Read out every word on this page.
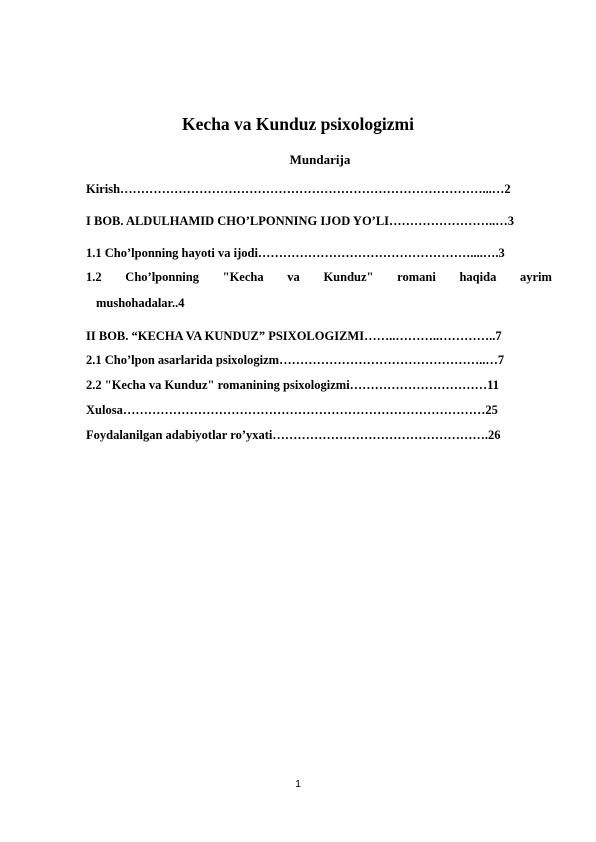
Kecha va Kunduz psixologizmi
Mundarija
Kirish……………………………………………………………………………...…2
I BOB. ALDULHAMID CHO’LPONNING IJOD YO’LI……………………..…3
1.1 Cho’lponning hayoti va ijodi……………………………………………....….3
1.2 Cho’lponning "Kecha va Kunduz" romani haqida ayrim
mushohadalar..4
II BOB. “KECHA VA KUNDUZ” PSIXOLOGIZMI……..………..…………..7
2.1 Cho’lpon asarlarida psixologizm…………………………………………..…7
2.2 "Kecha va Kunduz" romanining psixologizmi……………………………11
Xulosa……………………………………………………………………………25
Foydalanilgan adabiyotlar ro’yxati…………………………………………….26
1
